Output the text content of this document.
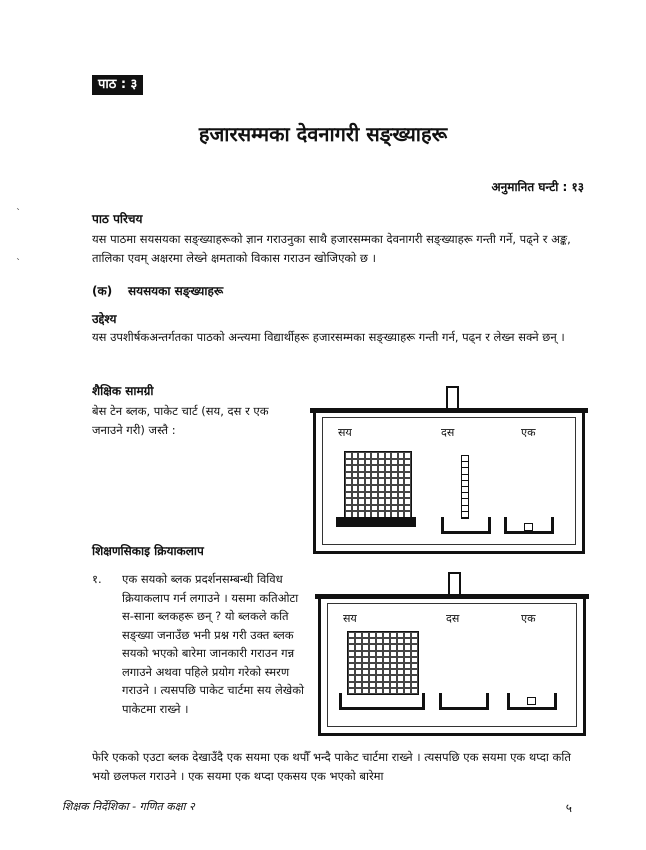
पाठ : ३
हजारसम्मका देवनागरी सङ्ख्याहरू
अनुमानित घन्टी : १३
ˋ
ˋ
पाठ परिचय
यस पाठमा सयसयका सङ्ख्याहरूको ज्ञान गराउनुका साथै हजारसम्मका देवनागरी सङ्ख्याहरू गन्ती गर्ने, पढ्ने र अङ्क, तालिका एवम् अक्षरमा लेख्ने क्षमताको विकास गराउन खोजिएको छ ।
(क) सयसयका सङ्ख्याहरू
उद्देश्य
यस उपशीर्षकअन्तर्गतका पाठको अन्त्यमा विद्यार्थीहरू हजारसम्मका सङ्ख्याहरू गन्ती गर्न, पढ्न र लेख्न सक्ने छन् ।
शैक्षिक सामग्री
बेस टेन ब्लक, पाकेट चार्ट (सय, दस र एक जनाउने गरी) जस्तै :	सय	दस	एक
शिक्षणसिकाइ क्रियाकलाप
१. एक सयको ब्लक प्रदर्शनसम्बन्धी विविध क्रियाकलाप गर्न लगाउने । यसमा कतिओटा स-साना ब्लकहरू छन् ? यो ब्लकले कति सङ्ख्या जनाउँछ भनी प्रश्न गरी उक्त ब्लक सयको भएको बारेमा जानकारी गराउन गन्न लगाउने अथवा पहिले प्रयोग गरेको स्मरण गराउने । त्यसपछि पाकेट चार्टमा सय लेखेको पाकेटमा राख्ने ।
सय	दस	एक
फेरि एकको एउटा ब्लक देखाउँदै एक सयमा एक थपौँ भन्दै पाकेट चार्टमा राख्ने । त्यसपछि एक सयमा एक थप्दा कति भयो छलफल गराउने । एक सयमा एक थप्दा एकसय एक भएको बारेमा
शिक्षक निर्देशिका - गणित कक्षा २	५
